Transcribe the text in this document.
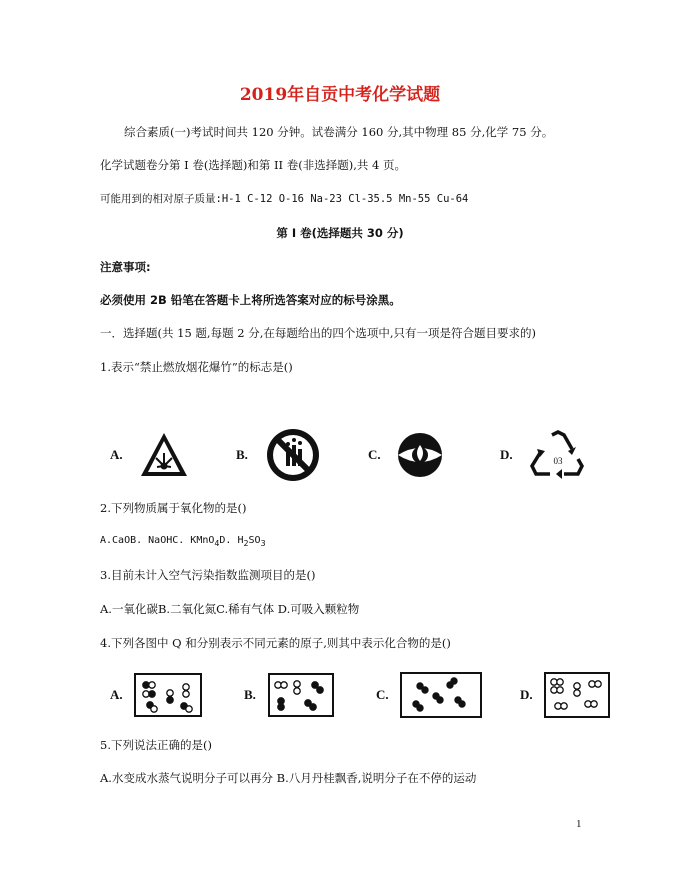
2019年自贡中考化学试题
综合素质(一)考试时间共 120 分钟。试卷满分 160 分,其中物理 85 分,化学 75 分。
化学试题卷分第 I 卷(选择题)和第 II 卷(非选择题),共 4 页。
可能用到的相对原子质量:H-1 C-12 O-16 Na-23 Cl-35.5 Mn-55 Cu-64
第 I 卷(选择题共 30 分)
注意事项:
必须使用 2B 铅笔在答题卡上将所选答案对应的标号涂黑。
一．选择题(共 15 题,每题 2 分,在每题给出的四个选项中,只有一项是符合题目要求的)
1.表示“禁止燃放烟花爆竹”的标志是()
A.	B.	C.	D.	03
2.下列物质属于氧化物的是()
A.CaOB. NaOHC. KMnO$_4$D. $H_2SO_3$
3.目前未计入空气污染指数监测项目的是()
A.一氧化碳B.二氧化氮C.稀有气体 D.可吸入颗粒物
4.下列各图中 Q 和分别表示不同元素的原子,则其中表示化合物的是()
A.	B.	C.	D.
5.下列说法正确的是()
A.水变成水蒸气说明分子可以再分 B.八月丹桂飘香,说明分子在不停的运动
1
